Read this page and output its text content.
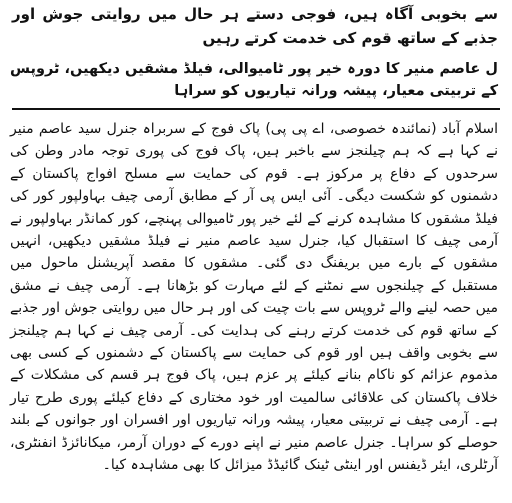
سے بخوبی آگاہ ہیں، فوجی دستے ہر حال میں روایتی جوش اور جذبے کے ساتھ قوم کی خدمت کرتے رہیں

ل عاصم منیر کا دورہ خیر پور ٹامیوالی، فیلڈ مشقیں دیکھیں، ٹروپس کے تربیتی معیار، پیشہ ورانہ تیاریوں کو سراہا

اسلام آباد (نمائندہ خصوصی، اے پی پی) پاک فوج کے سربراہ جنرل سید عاصم منیر نے کہا ہے کہ ہم چیلنجز سے باخبر ہیں، پاک فوج کی پوری توجہ مادر وطن کی سرحدوں کے دفاع پر مرکوز ہے۔ قوم کی حمایت سے مسلح افواج پاکستان کے دشمنوں کو شکست دیگی۔ آئی ایس پی آر کے مطابق آرمی چیف بہاولپور کور کی فیلڈ مشقوں کا مشاہدہ کرنے کے لئے خیر پور ٹامیوالی پہنچے، کور کمانڈر بہاولپور نے آرمی چیف کا استقبال کیا، جنرل سید عاصم منیر نے فیلڈ مشقیں دیکھیں، انہیں مشقوں کے بارے میں بریفنگ دی گئی۔ مشقوں کا مقصد آپریشنل ماحول میں مستقبل کے چیلنجوں سے نمٹنے کے لئے مہارت کو بڑھانا ہے۔ آرمی چیف نے مشق میں حصہ لینے والے ٹروپس سے بات چیت کی اور ہر حال میں روایتی جوش اور جذبے کے ساتھ قوم کی خدمت کرتے رہنے کی ہدایت کی۔ آرمی چیف نے کہا ہم چیلنجز سے بخوبی واقف ہیں اور قوم کی حمایت سے پاکستان کے دشمنوں کے کسی بھی مذموم عزائم کو ناکام بنانے کیلئے پر عزم ہیں، پاک فوج ہر قسم کی مشکلات کے خلاف پاکستان کی علاقائی سالمیت اور خود مختاری کے دفاع کیلئے پوری طرح تیار ہے۔ آرمی چیف نے تربیتی معیار، پیشہ ورانہ تیاریوں اور افسران اور جوانوں کے بلند حوصلے کو سراہا۔ جنرل عاصم منیر نے اپنے دورے کے دوران آرمر، میکانائزڈ انفنٹری، آرٹلری، ایئر ڈیفنس اور اینٹی ٹینک گائیڈڈ میزائل کا بھی مشاہدہ کیا۔
